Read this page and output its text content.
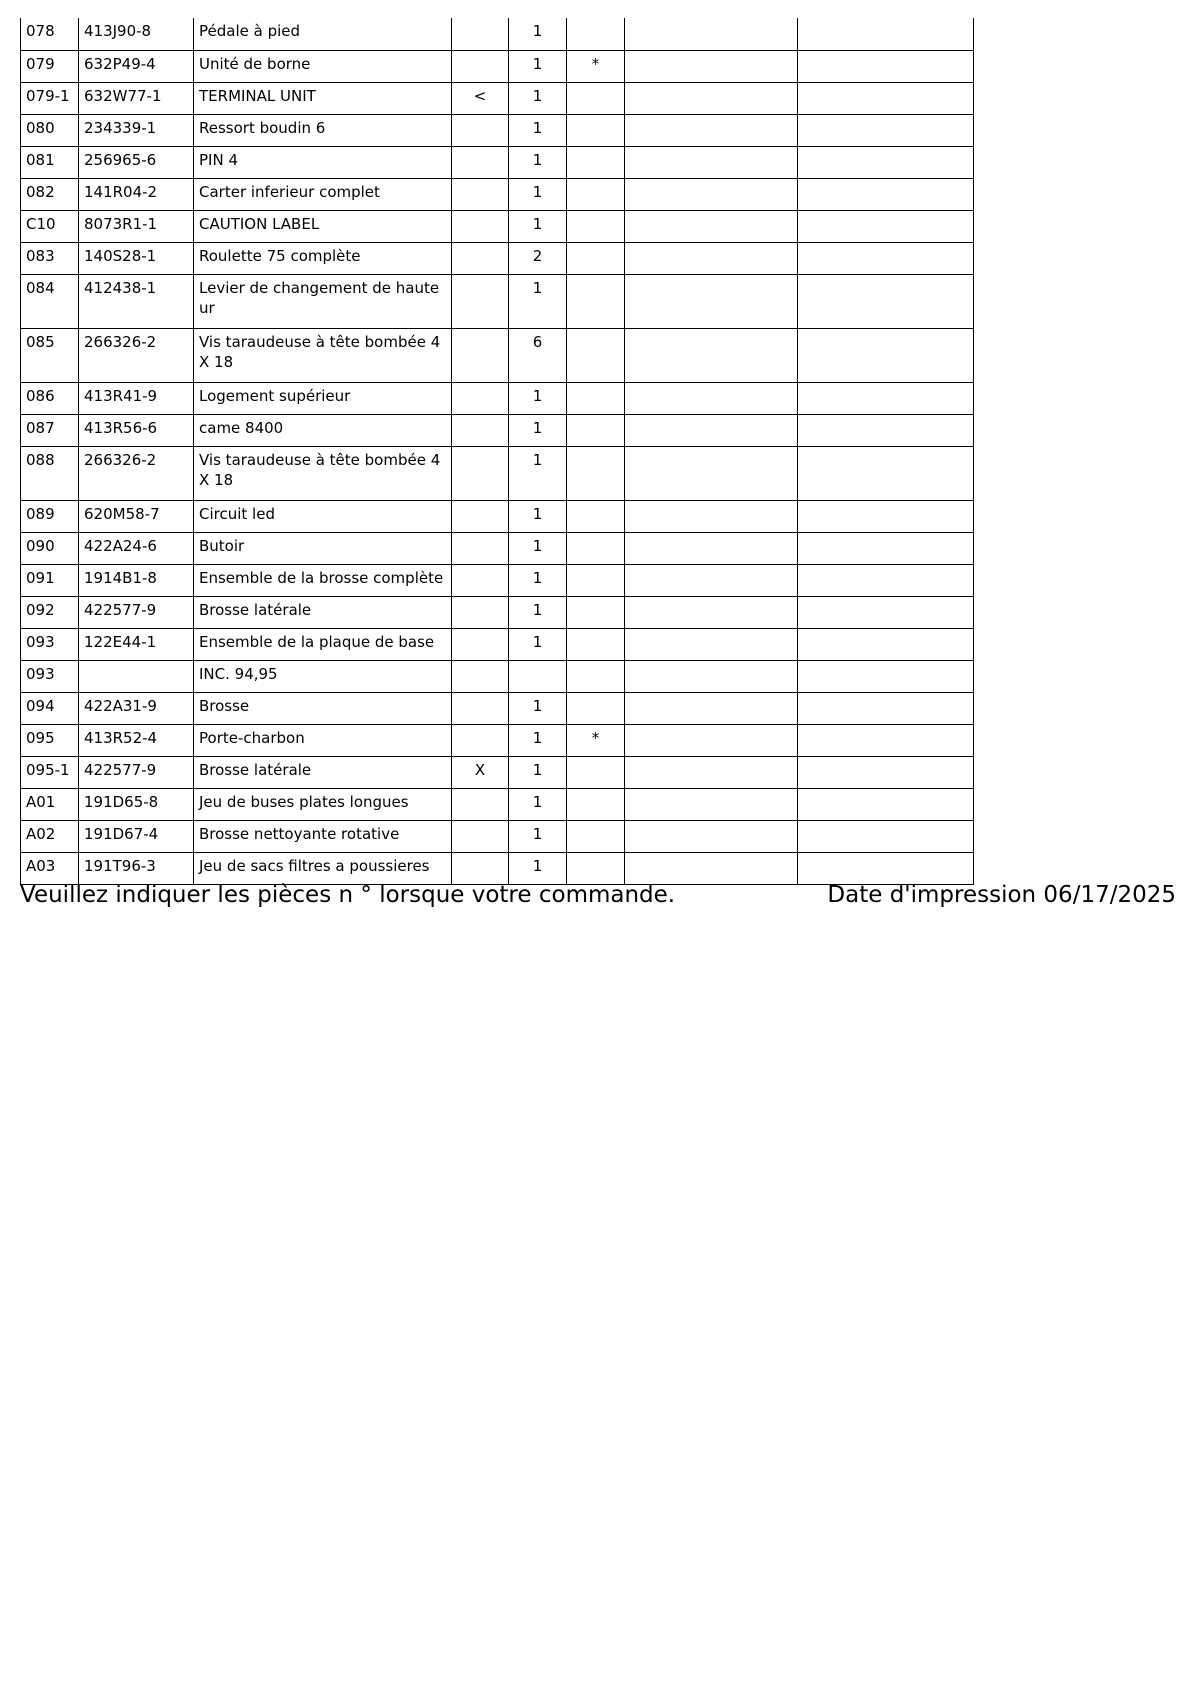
078	413J90-8	Pédale à pied		1			
079	632P49-4	Unité de borne		1	*		
079-1	632W77-1	TERMINAL UNIT	<	1			
080	234339-1	Ressort boudin 6		1			
081	256965-6	PIN 4		1			
082	141R04-2	Carter inferieur complet		1			
C10	8073R1-1	CAUTION LABEL		1			
083	140S28-1	Roulette 75 complète		2			
084	412438-1	Levier de changement de hauteur		1			
085	266326-2	Vis taraudeuse à tête bombée 4X 18		6			
086	413R41-9	Logement supérieur		1			
087	413R56-6	came 8400		1			
088	266326-2	Vis taraudeuse à tête bombée 4X 18		1			
089	620M58-7	Circuit led		1			
090	422A24-6	Butoir		1			
091	1914B1-8	Ensemble de la brosse complète		1			
092	422577-9	Brosse latérale		1			
093	122E44-1	Ensemble de la plaque de base		1			
093		INC. 94,95					
094	422A31-9	Brosse		1			
095	413R52-4	Porte-charbon		1	*		
095-1	422577-9	Brosse latérale	X	1			
A01	191D65-8	Jeu de buses plates longues		1			
A02	191D67-4	Brosse nettoyante rotative		1			
A03	191T96-3	Jeu de sacs filtres a poussieres		1			
Veuillez indiquer les pièces n ° lorsque votre commande.	Date d'impression 06/17/2025
